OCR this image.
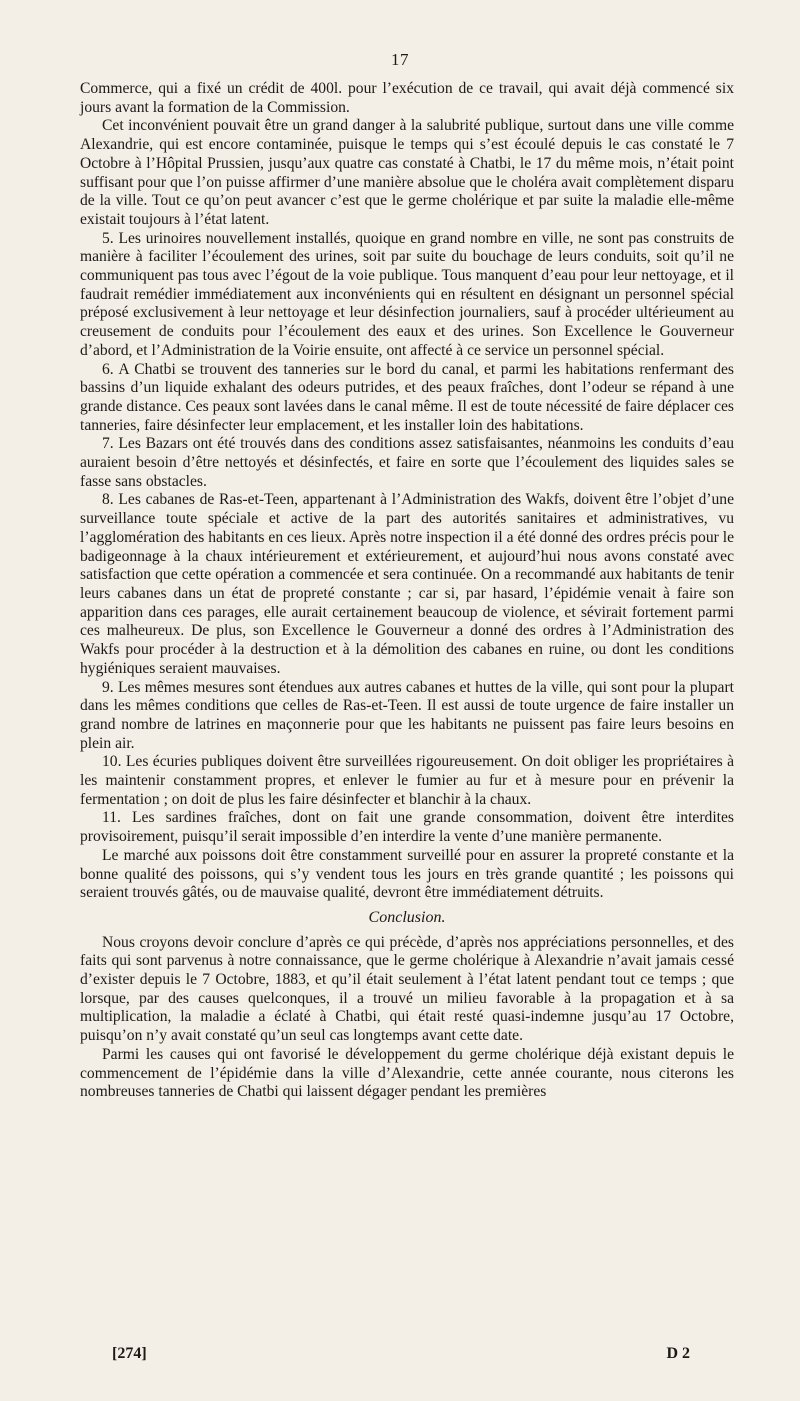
17

Commerce, qui a fixé un crédit de 400l. pour l’exécution de ce travail, qui avait déjà commencé six jours avant la formation de la Commission.

Cet inconvénient pouvait être un grand danger à la salubrité publique, surtout dans une ville comme Alexandrie, qui est encore contaminée, puisque le temps qui s’est écoulé depuis le cas constaté le 7 Octobre à l’Hôpital Prussien, jusqu’aux quatre cas constaté à Chatbi, le 17 du même mois, n’était point suffisant pour que l’on puisse affirmer d’une manière absolue que le choléra avait complètement disparu de la ville. Tout ce qu’on peut avancer c’est que le germe cholérique et par suite la maladie elle-même existait toujours à l’état latent.

5. Les urinoires nouvellement installés, quoique en grand nombre en ville, ne sont pas construits de manière à faciliter l’écoulement des urines, soit par suite du bouchage de leurs conduits, soit qu’il ne communiquent pas tous avec l’égout de la voie publique. Tous manquent d’eau pour leur nettoyage, et il faudrait remédier immédiatement aux inconvénients qui en résultent en désignant un personnel spécial préposé exclusivement à leur nettoyage et leur désinfection journaliers, sauf à procéder ultérieument au creusement de conduits pour l’écoulement des eaux et des urines. Son Excellence le Gouverneur d’abord, et l’Administration de la Voirie ensuite, ont affecté à ce service un personnel spécial.

6. A Chatbi se trouvent des tanneries sur le bord du canal, et parmi les habitations renfermant des bassins d’un liquide exhalant des odeurs putrides, et des peaux fraîches, dont l’odeur se répand à une grande distance. Ces peaux sont lavées dans le canal même. Il est de toute nécessité de faire déplacer ces tanneries, faire désinfecter leur emplacement, et les installer loin des habitations.

7. Les Bazars ont été trouvés dans des conditions assez satisfaisantes, néanmoins les conduits d’eau auraient besoin d’être nettoyés et désinfectés, et faire en sorte que l’écoulement des liquides sales se fasse sans obstacles.

8. Les cabanes de Ras-et-Teen, appartenant à l’Administration des Wakfs, doivent être l’objet d’une surveillance toute spéciale et active de la part des autorités sanitaires et administratives, vu l’agglomération des habitants en ces lieux. Après notre inspection il a été donné des ordres précis pour le badigeonnage à la chaux intérieurement et extérieurement, et aujourd’hui nous avons constaté avec satisfaction que cette opération a commencée et sera continuée. On a recommandé aux habitants de tenir leurs cabanes dans un état de propreté constante ; car si, par hasard, l’épidémie venait à faire son apparition dans ces parages, elle aurait certainement beaucoup de violence, et sévirait fortement parmi ces malheureux. De plus, son Excellence le Gouverneur a donné des ordres à l’Administration des Wakfs pour procéder à la destruction et à la démolition des cabanes en ruine, ou dont les conditions hygiéniques seraient mauvaises.

9. Les mêmes mesures sont étendues aux autres cabanes et huttes de la ville, qui sont pour la plupart dans les mêmes conditions que celles de Ras-et-Teen. Il est aussi de toute urgence de faire installer un grand nombre de latrines en maçonnerie pour que les habitants ne puissent pas faire leurs besoins en plein air.

10. Les écuries publiques doivent être surveillées rigoureusement. On doit obliger les propriétaires à les maintenir constamment propres, et enlever le fumier au fur et à mesure pour en prévenir la fermentation ; on doit de plus les faire désinfecter et blanchir à la chaux.

11. Les sardines fraîches, dont on fait une grande consommation, doivent être interdites provisoirement, puisqu’il serait impossible d’en interdire la vente d’une manière permanente.

Le marché aux poissons doit être constamment surveillé pour en assurer la propreté constante et la bonne qualité des poissons, qui s’y vendent tous les jours en très grande quantité ; les poissons qui seraient trouvés gâtés, ou de mauvaise qualité, devront être immédiatement détruits.

Conclusion.

Nous croyons devoir conclure d’après ce qui précède, d’après nos appréciations personnelles, et des faits qui sont parvenus à notre connaissance, que le germe cholérique à Alexandrie n’avait jamais cessé d’exister depuis le 7 Octobre, 1883, et qu’il était seulement à l’état latent pendant tout ce temps ; que lorsque, par des causes quelconques, il a trouvé un milieu favorable à la propagation et à sa multiplication, la maladie a éclaté à Chatbi, qui était resté quasi-indemne jusqu’au 17 Octobre, puisqu’on n’y avait constaté qu’un seul cas longtemps avant cette date.

Parmi les causes qui ont favorisé le développement du germe cholérique déjà existant depuis le commencement de l’épidémie dans la ville d’Alexandrie, cette année courante, nous citerons les nombreuses tanneries de Chatbi qui laissent dégager pendant les premières

[274]	D 2
